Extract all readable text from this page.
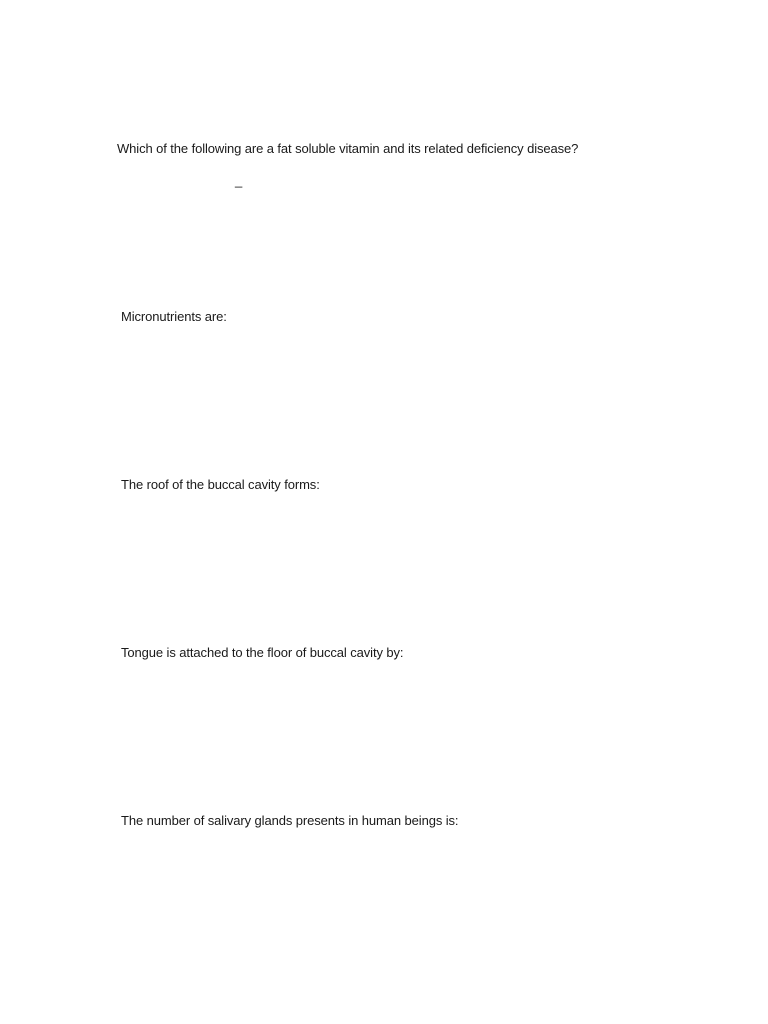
Which of the following are a fat soluble vitamin and its related deficiency disease?
_
Micronutrients are:
The roof of the buccal cavity forms:
Tongue is attached to the floor of buccal cavity by:
The number of salivary glands presents in human beings is:
